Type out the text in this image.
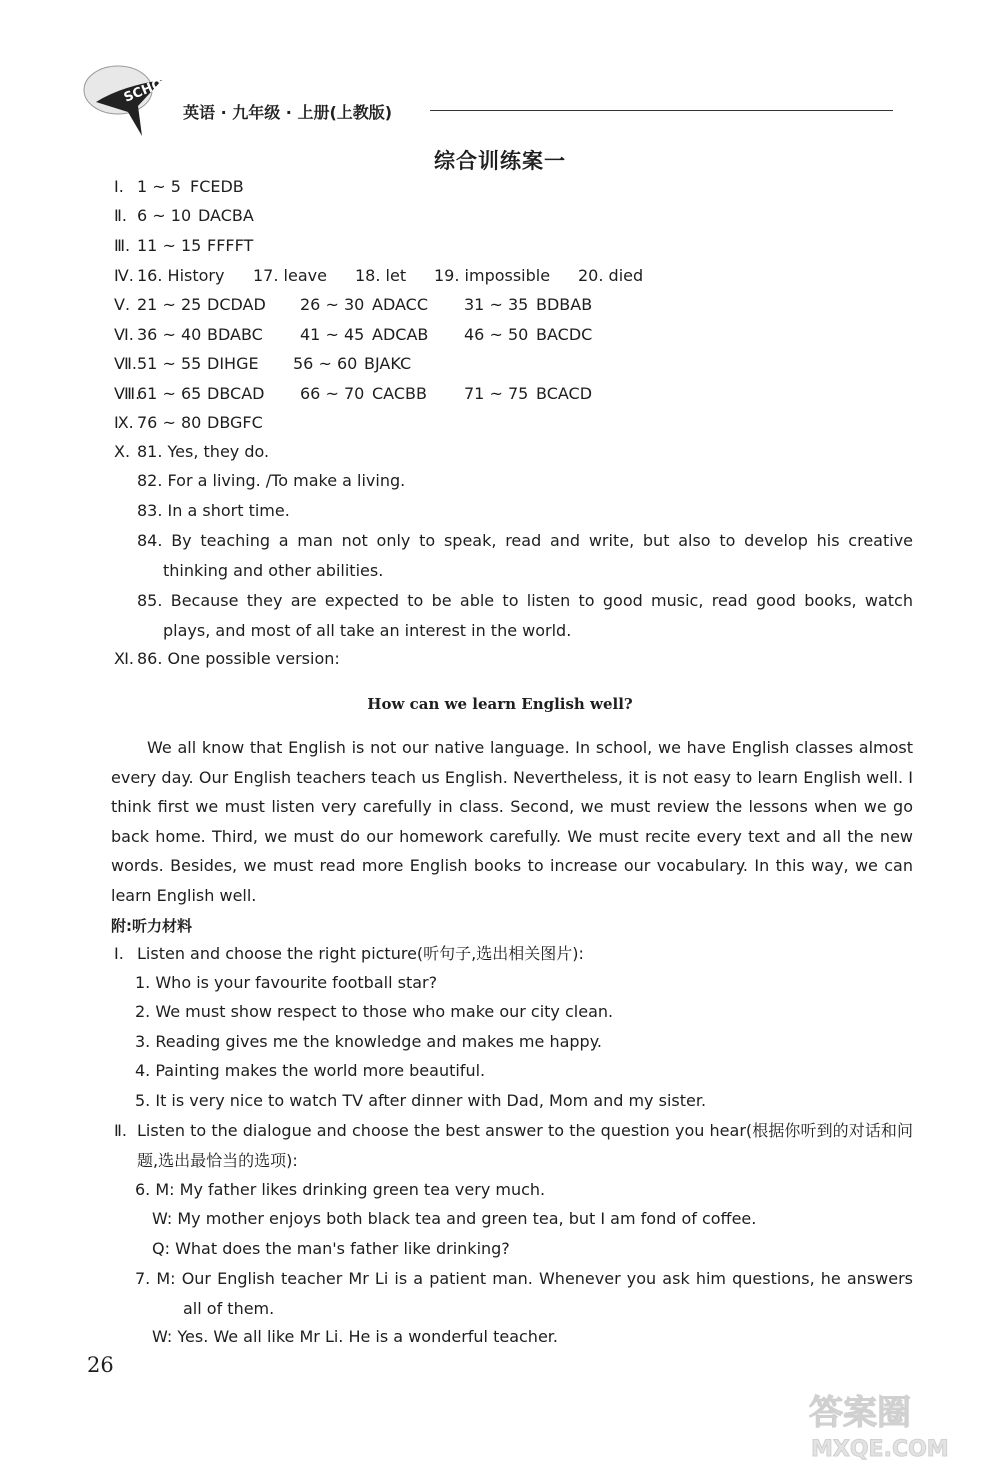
SCHOOL
英语 · 九年级 · 上册(上教版)
综合训练案一
Ⅰ. 1 ~ 5 FCEDB
Ⅱ. 6 ~ 10 DACBA
Ⅲ. 11 ~ 15 FFFFT
Ⅳ. 16. History 17. leave 18. let 19. impossible 20. died
Ⅴ. 21 ~ 25 DCDAD 26 ~ 30 ADACC 31 ~ 35 BDBAB
Ⅵ. 36 ~ 40 BDABC 41 ~ 45 ADCAB 46 ~ 50 BACDC
Ⅶ. 51 ~ 55 DIHGE 56 ~ 60 BJAKC
Ⅷ.
61 ~ 65 DBCAD 66 ~ 70 CACBB 71 ~ 75 BCACD
Ⅸ. 76 ~ 80 DBGFC
Ⅹ. 81. Yes, they do.
82. For a living. /To make a living.
83. In a short time.
84. By teaching a man not only to speak, read and write, but also to develop his creative thinking and other abilities.
85. Because they are expected to be able to listen to good music, read good books, watch plays, and most of all take an interest in the world.
Ⅺ. 86. One possible version:
How can we learn English well?
We all know that English is not our native language. In school, we have English classes almost every day. Our English teachers teach us English. Nevertheless, it is not easy to learn English well. I think first we must listen very carefully in class. Second, we must review the lessons when we go back home. Third, we must do our homework carefully. We must recite every text and all the new words. Besides, we must read more English books to increase our vocabulary. In this way, we can learn English well.
附:听力材料
Ⅰ. Listen and choose the right picture(听句子,选出相关图片):
1. Who is your favourite football star?
2. We must show respect to those who make our city clean.
3. Reading gives me the knowledge and makes me happy.
4. Painting makes the world more beautiful.
5. It is very nice to watch TV after dinner with Dad, Mom and my sister.
Ⅱ. Listen to the dialogue and choose the best answer to the question you hear(根据你听到的对话和问题,选出最恰当的选项):
6. M: My father likes drinking green tea very much.
W: My mother enjoys both black tea and green tea, but I am fond of coffee.
Q: What does the man's father like drinking?
7. M: Our English teacher Mr Li is a patient man. Whenever you ask him questions, he answers all of them.
W: Yes. We all like Mr Li. He is a wonderful teacher.
26
答案圈
MXQE.COM
